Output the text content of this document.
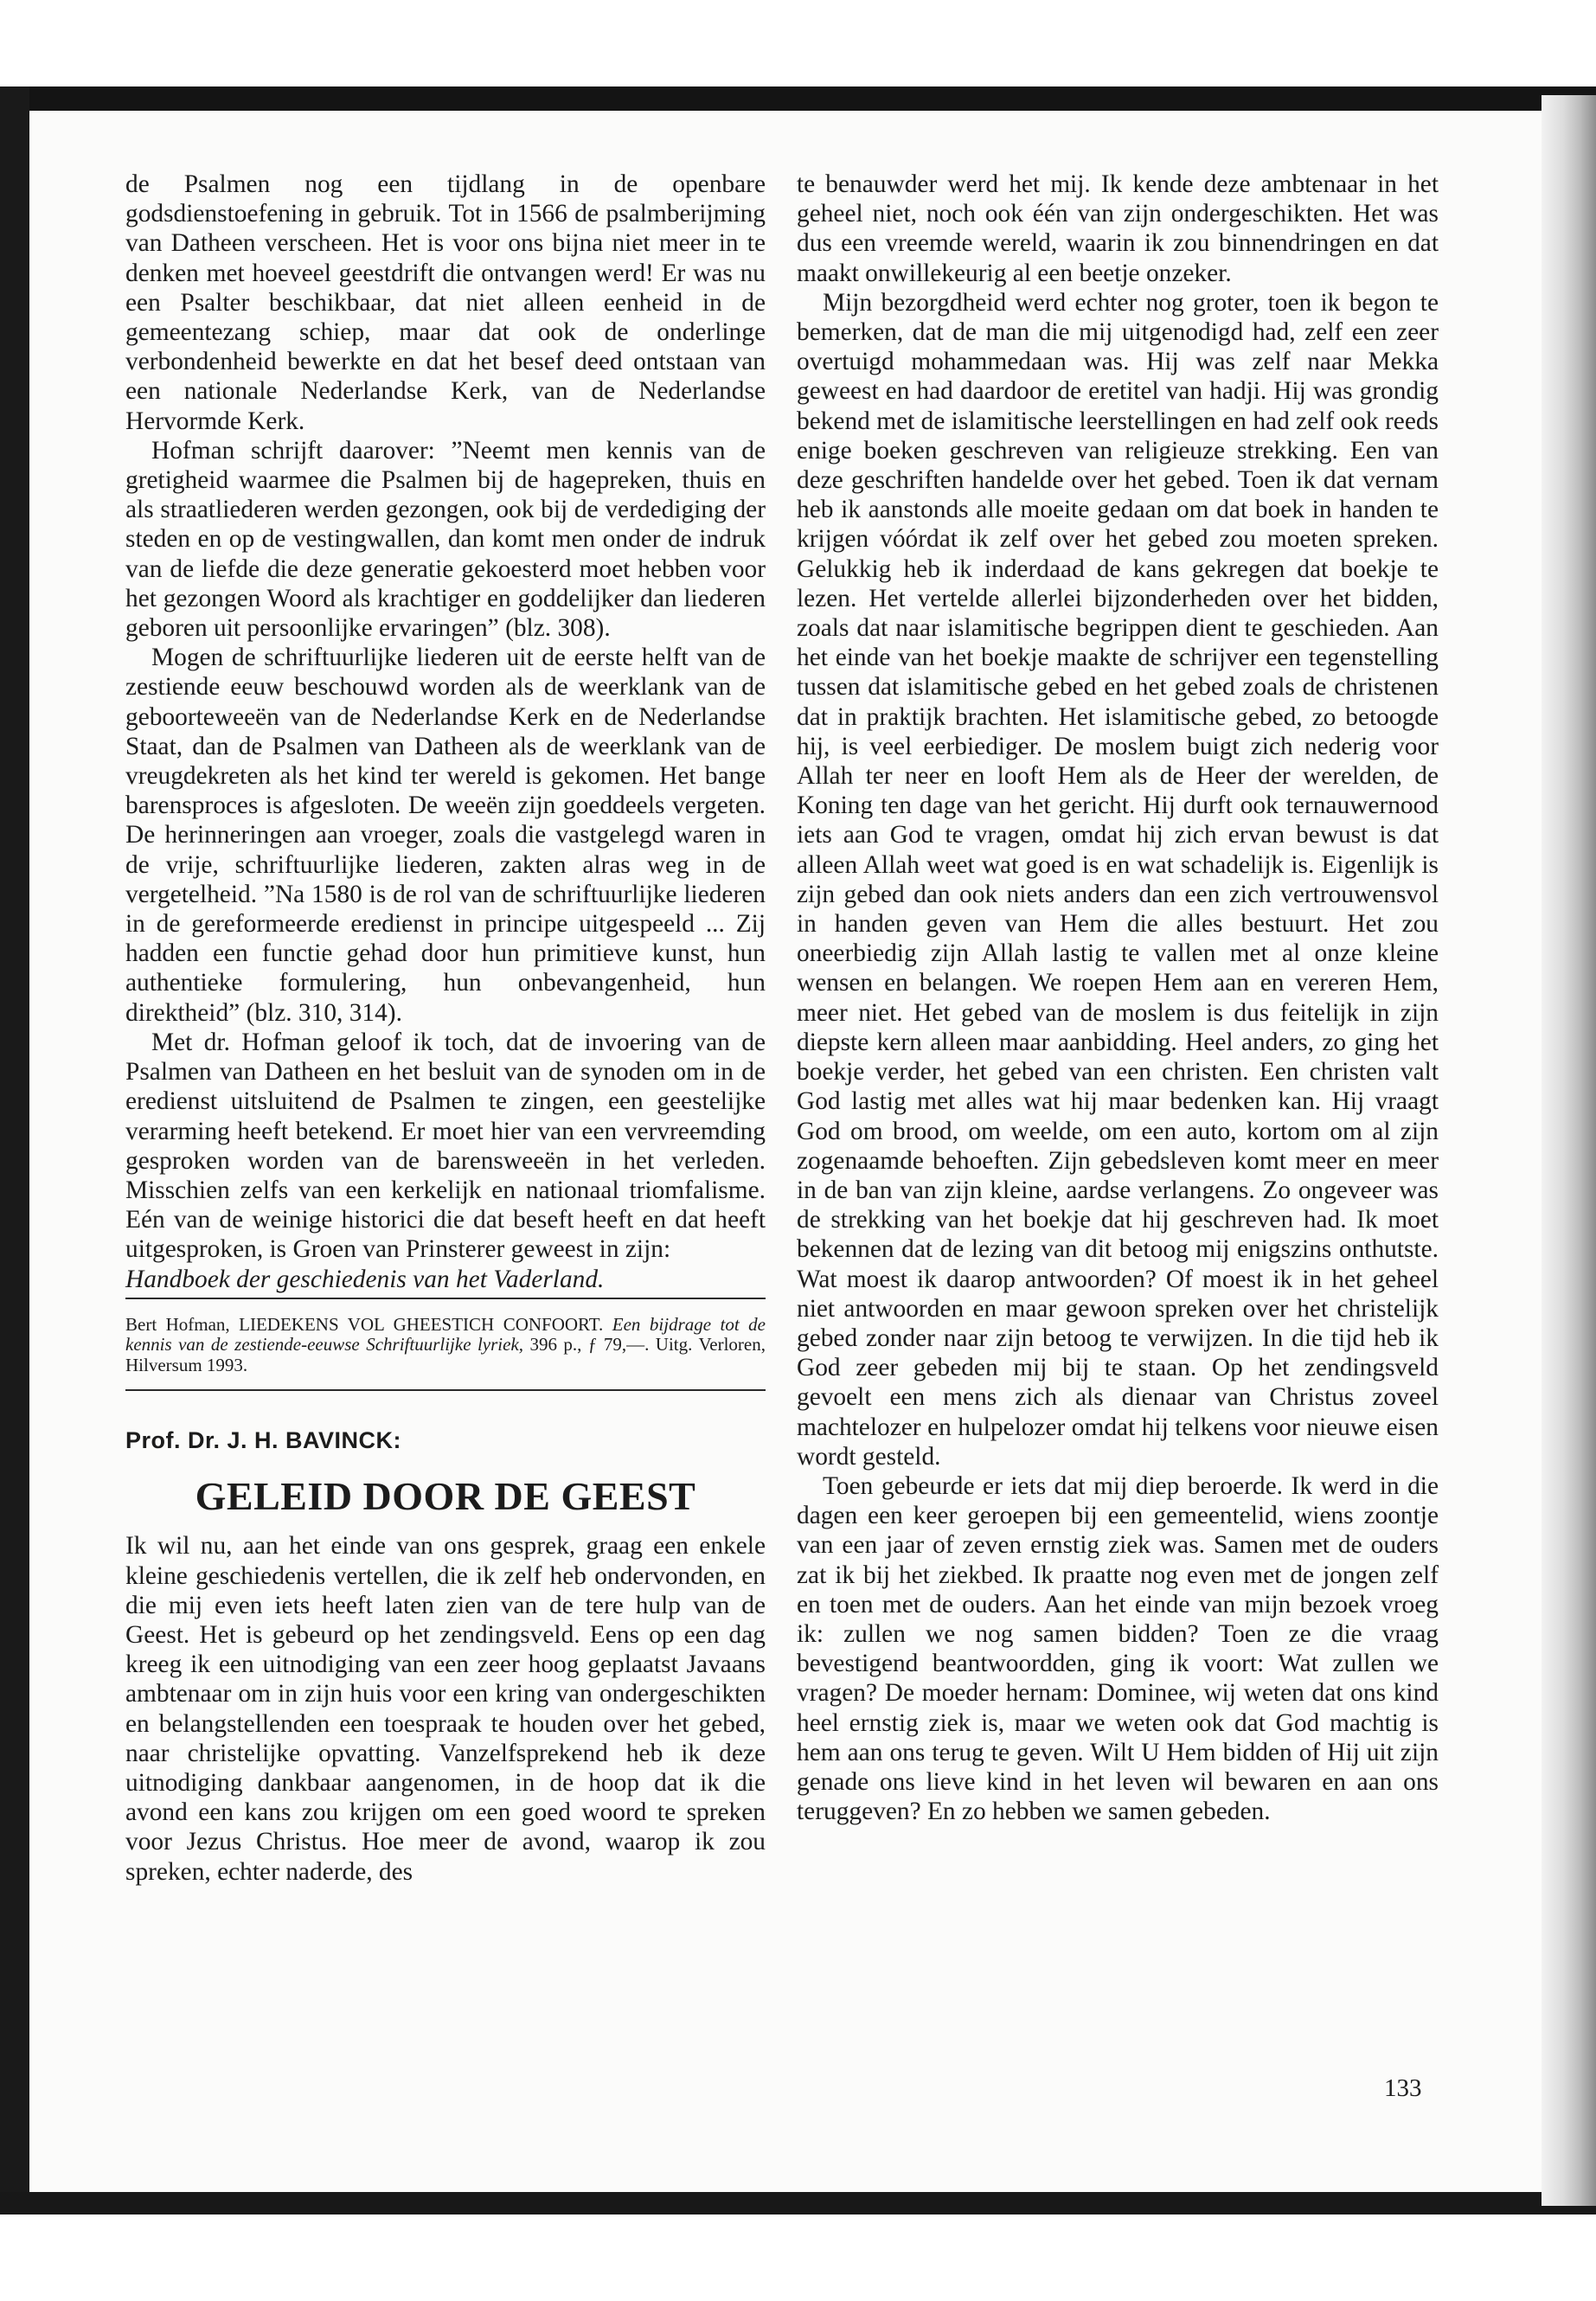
de Psalmen nog een tijdlang in de openbare godsdienstoefening in gebruik. Tot in 1566 de psalmberijming van Datheen verscheen. Het is voor ons bijna niet meer in te denken met hoeveel geestdrift die ontvangen werd! Er was nu een Psalter beschikbaar, dat niet alleen eenheid in de gemeentezang schiep, maar dat ook de onderlinge verbondenheid bewerkte en dat het besef deed ontstaan van een nationale Nederlandse Kerk, van de Nederlandse Hervormde Kerk.

Hofman schrijft daarover: ”Neemt men kennis van de gretigheid waarmee die Psalmen bij de hagepreken, thuis en als straatliederen werden gezongen, ook bij de verdediging der steden en op de vestingwallen, dan komt men onder de indruk van de liefde die deze generatie gekoesterd moet hebben voor het gezongen Woord als krachtiger en goddelijker dan liederen geboren uit persoonlijke ervaringen” (blz. 308).

Mogen de schriftuurlijke liederen uit de eerste helft van de zestiende eeuw beschouwd worden als de weerklank van de geboorteweeën van de Nederlandse Kerk en de Nederlandse Staat, dan de Psalmen van Datheen als de weerklank van de vreugdekreten als het kind ter wereld is gekomen. Het bange barensproces is afgesloten. De weeën zijn goeddeels vergeten. De herinneringen aan vroeger, zoals die vastgelegd waren in de vrije, schriftuurlijke liederen, zakten alras weg in de vergetelheid. ”Na 1580 is de rol van de schriftuurlijke liederen in de gereformeerde eredienst in principe uitgespeeld ... Zij hadden een functie gehad door hun primitieve kunst, hun authentieke formulering, hun onbevangenheid, hun direktheid” (blz. 310, 314).

Met dr. Hofman geloof ik toch, dat de invoering van de Psalmen van Datheen en het besluit van de synoden om in de eredienst uitsluitend de Psalmen te zingen, een geestelijke verarming heeft betekend. Er moet hier van een vervreemding gesproken worden van de barensweeën in het verleden. Misschien zelfs van een kerkelijk en nationaal triomfalisme. Eén van de weinige historici die dat beseft heeft en dat heeft uitgesproken, is Groen van Prinsterer geweest in zijn:

Handboek der geschiedenis van het Vaderland.

Bert Hofman, LIEDEKENS VOL GHEESTICH CONFOORT. Een bijdrage tot de kennis van de zestiende-eeuwse Schriftuurlijke lyriek, 396 p., ƒ 79,—. Uitg. Verloren, Hilversum 1993.
Prof. Dr. J. H. BAVINCK:
GELEID DOOR DE GEEST

Ik wil nu, aan het einde van ons gesprek, graag een enkele kleine geschiedenis vertellen, die ik zelf heb ondervonden, en die mij even iets heeft laten zien van de tere hulp van de Geest. Het is gebeurd op het zendingsveld. Eens op een dag kreeg ik een uitnodiging van een zeer hoog geplaatst Javaans ambtenaar om in zijn huis voor een kring van ondergeschikten en belangstellenden een toespraak te houden over het gebed, naar christelijke opvatting. Vanzelfsprekend heb ik deze uitnodiging dankbaar aangenomen, in de hoop dat ik die avond een kans zou krijgen om een goed woord te spreken voor Jezus Christus. Hoe meer de avond, waarop ik zou spreken, echter naderde, des

te benauwder werd het mij. Ik kende deze ambtenaar in het geheel niet, noch ook één van zijn ondergeschikten. Het was dus een vreemde wereld, waarin ik zou binnendringen en dat maakt onwillekeurig al een beetje onzeker.

Mijn bezorgdheid werd echter nog groter, toen ik begon te bemerken, dat de man die mij uitgenodigd had, zelf een zeer overtuigd mohammedaan was. Hij was zelf naar Mekka geweest en had daardoor de eretitel van hadji. Hij was grondig bekend met de islamitische leerstellingen en had zelf ook reeds enige boeken geschreven van religieuze strekking. Een van deze geschriften handelde over het gebed. Toen ik dat vernam heb ik aanstonds alle moeite gedaan om dat boek in handen te krijgen vóórdat ik zelf over het gebed zou moeten spreken. Gelukkig heb ik inderdaad de kans gekregen dat boekje te lezen. Het vertelde allerlei bijzonderheden over het bidden, zoals dat naar islamitische begrippen dient te geschieden. Aan het einde van het boekje maakte de schrijver een tegenstelling tussen dat islamitische gebed en het gebed zoals de christenen dat in praktijk brachten. Het islamitische gebed, zo betoogde hij, is veel eerbiediger. De moslem buigt zich nederig voor Allah ter neer en looft Hem als de Heer der werelden, de Koning ten dage van het gericht. Hij durft ook ternauwernood iets aan God te vragen, omdat hij zich ervan bewust is dat alleen Allah weet wat goed is en wat schadelijk is. Eigenlijk is zijn gebed dan ook niets anders dan een zich vertrouwensvol in handen geven van Hem die alles bestuurt. Het zou oneerbiedig zijn Allah lastig te vallen met al onze kleine wensen en belangen. We roepen Hem aan en vereren Hem, meer niet. Het gebed van de moslem is dus feitelijk in zijn diepste kern alleen maar aanbidding. Heel anders, zo ging het boekje verder, het gebed van een christen. Een christen valt God lastig met alles wat hij maar bedenken kan. Hij vraagt God om brood, om weelde, om een auto, kortom om al zijn zogenaamde behoeften. Zijn gebedsleven komt meer en meer in de ban van zijn kleine, aardse verlangens. Zo ongeveer was de strekking van het boekje dat hij geschreven had. Ik moet bekennen dat de lezing van dit betoog mij enigszins onthutste. Wat moest ik daarop antwoorden? Of moest ik in het geheel niet antwoorden en maar gewoon spreken over het christelijk gebed zonder naar zijn betoog te verwijzen. In die tijd heb ik God zeer gebeden mij bij te staan. Op het zendingsveld gevoelt een mens zich als dienaar van Christus zoveel machtelozer en hulpelozer omdat hij telkens voor nieuwe eisen wordt gesteld.

Toen gebeurde er iets dat mij diep beroerde. Ik werd in die dagen een keer geroepen bij een gemeentelid, wiens zoontje van een jaar of zeven ernstig ziek was. Samen met de ouders zat ik bij het ziekbed. Ik praatte nog even met de jongen zelf en toen met de ouders. Aan het einde van mijn bezoek vroeg ik: zullen we nog samen bidden? Toen ze die vraag bevestigend beantwoordden, ging ik voort: Wat zullen we vragen? De moeder hernam: Dominee, wij weten dat ons kind heel ernstig ziek is, maar we weten ook dat God machtig is hem aan ons terug te geven. Wilt U Hem bidden of Hij uit zijn genade ons lieve kind in het leven wil bewaren en aan ons teruggeven? En zo hebben we samen gebeden.

133
